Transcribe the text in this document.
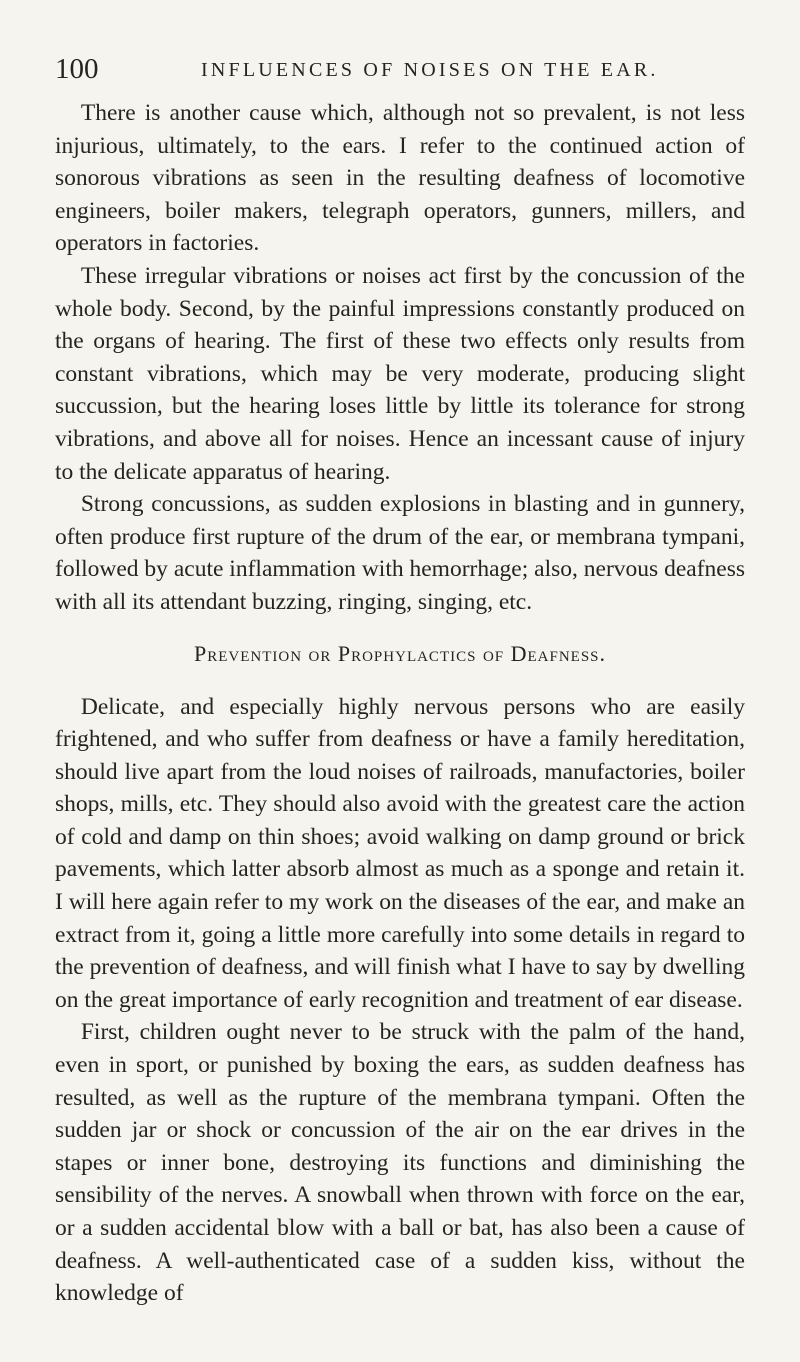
100	INFLUENCES OF NOISES ON THE EAR.

There is another cause which, although not so prevalent, is not less injurious, ultimately, to the ears. I refer to the continued action of sonorous vibrations as seen in the resulting deafness of locomotive engineers, boiler makers, telegraph operators, gunners, millers, and operators in factories.

These irregular vibrations or noises act first by the concussion of the whole body. Second, by the painful impressions constantly produced on the organs of hearing. The first of these two effects only results from constant vibrations, which may be very moderate, producing slight succussion, but the hearing loses little by little its tolerance for strong vibrations, and above all for noises. Hence an incessant cause of injury to the delicate apparatus of hearing.

Strong concussions, as sudden explosions in blasting and in gunnery, often produce first rupture of the drum of the ear, or membrana tympani, followed by acute inflammation with hemorrhage; also, nervous deafness with all its attendant buzzing, ringing, singing, etc.

Prevention or Prophylactics of Deafness.

Delicate, and especially highly nervous persons who are easily frightened, and who suffer from deafness or have a family hereditation, should live apart from the loud noises of railroads, manufactories, boiler shops, mills, etc. They should also avoid with the greatest care the action of cold and damp on thin shoes; avoid walking on damp ground or brick pavements, which latter absorb almost as much as a sponge and retain it. I will here again refer to my work on the diseases of the ear, and make an extract from it, going a little more carefully into some details in regard to the prevention of deafness, and will finish what I have to say by dwelling on the great importance of early recognition and treatment of ear disease.

First, children ought never to be struck with the palm of the hand, even in sport, or punished by boxing the ears, as sudden deafness has resulted, as well as the rupture of the membrana tympani. Often the sudden jar or shock or concussion of the air on the ear drives in the stapes or inner bone, destroying its functions and diminishing the sensibility of the nerves. A snowball when thrown with force on the ear, or a sudden accidental blow with a ball or bat, has also been a cause of deafness. A well-authenticated case of a sudden kiss, without the knowledge of
